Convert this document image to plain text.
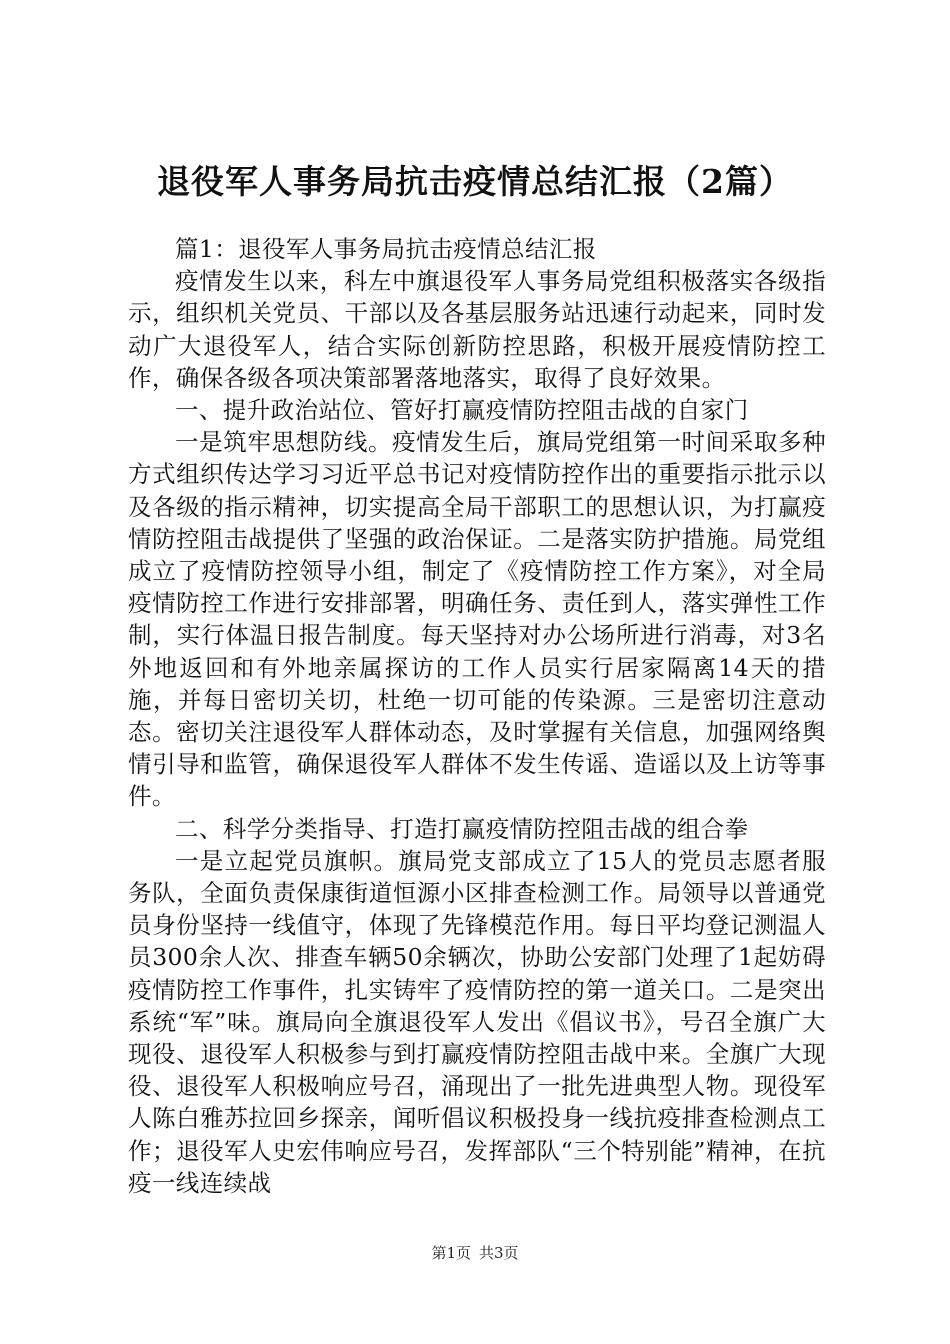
退役军人事务局抗击疫情总结汇报（2篇）

篇1：退役军人事务局抗击疫情总结汇报

疫情发生以来，科左中旗退役军人事务局党组积极落实各级指示，组织机关党员、干部以及各基层服务站迅速行动起来，同时发动广大退役军人，结合实际创新防控思路，积极开展疫情防控工作，确保各级各项决策部署落地落实，取得了良好效果。

一、提升政治站位、管好打赢疫情防控阻击战的自家门

一是筑牢思想防线。疫情发生后，旗局党组第一时间采取多种方式组织传达学习习近平总书记对疫情防控作出的重要指示批示以及各级的指示精神，切实提高全局干部职工的思想认识，为打赢疫情防控阻击战提供了坚强的政治保证。二是落实防护措施。局党组成立了疫情防控领导小组，制定了《疫情防控工作方案》，对全局疫情防控工作进行安排部署，明确任务、责任到人，落实弹性工作制，实行体温日报告制度。每天坚持对办公场所进行消毒，对3名外地返回和有外地亲属探访的工作人员实行居家隔离14天的措施，并每日密切关切，杜绝一切可能的传染源。三是密切注意动态。密切关注退役军人群体动态，及时掌握有关信息，加强网络舆情引导和监管，确保退役军人群体不发生传谣、造谣以及上访等事件。

二、科学分类指导、打造打赢疫情防控阻击战的组合拳

一是立起党员旗帜。旗局党支部成立了15人的党员志愿者服务队，全面负责保康街道恒源小区排查检测工作。局领导以普通党员身份坚持一线值守，体现了先锋模范作用。每日平均登记测温人员300余人次、排查车辆50余辆次，协助公安部门处理了1起妨碍疫情防控工作事件，扎实铸牢了疫情防控的第一道关口。二是突出系统“军”味。旗局向全旗退役军人发出《倡议书》，号召全旗广大现役、退役军人积极参与到打赢疫情防控阻击战中来。全旗广大现役、退役军人积极响应号召，涌现出了一批先进典型人物。现役军人陈白雅苏拉回乡探亲，闻听倡议积极投身一线抗疫排查检测点工作；退役军人史宏伟响应号召，发挥部队“三个特别能”精神，在抗疫一线连续战

第1页 共3页
